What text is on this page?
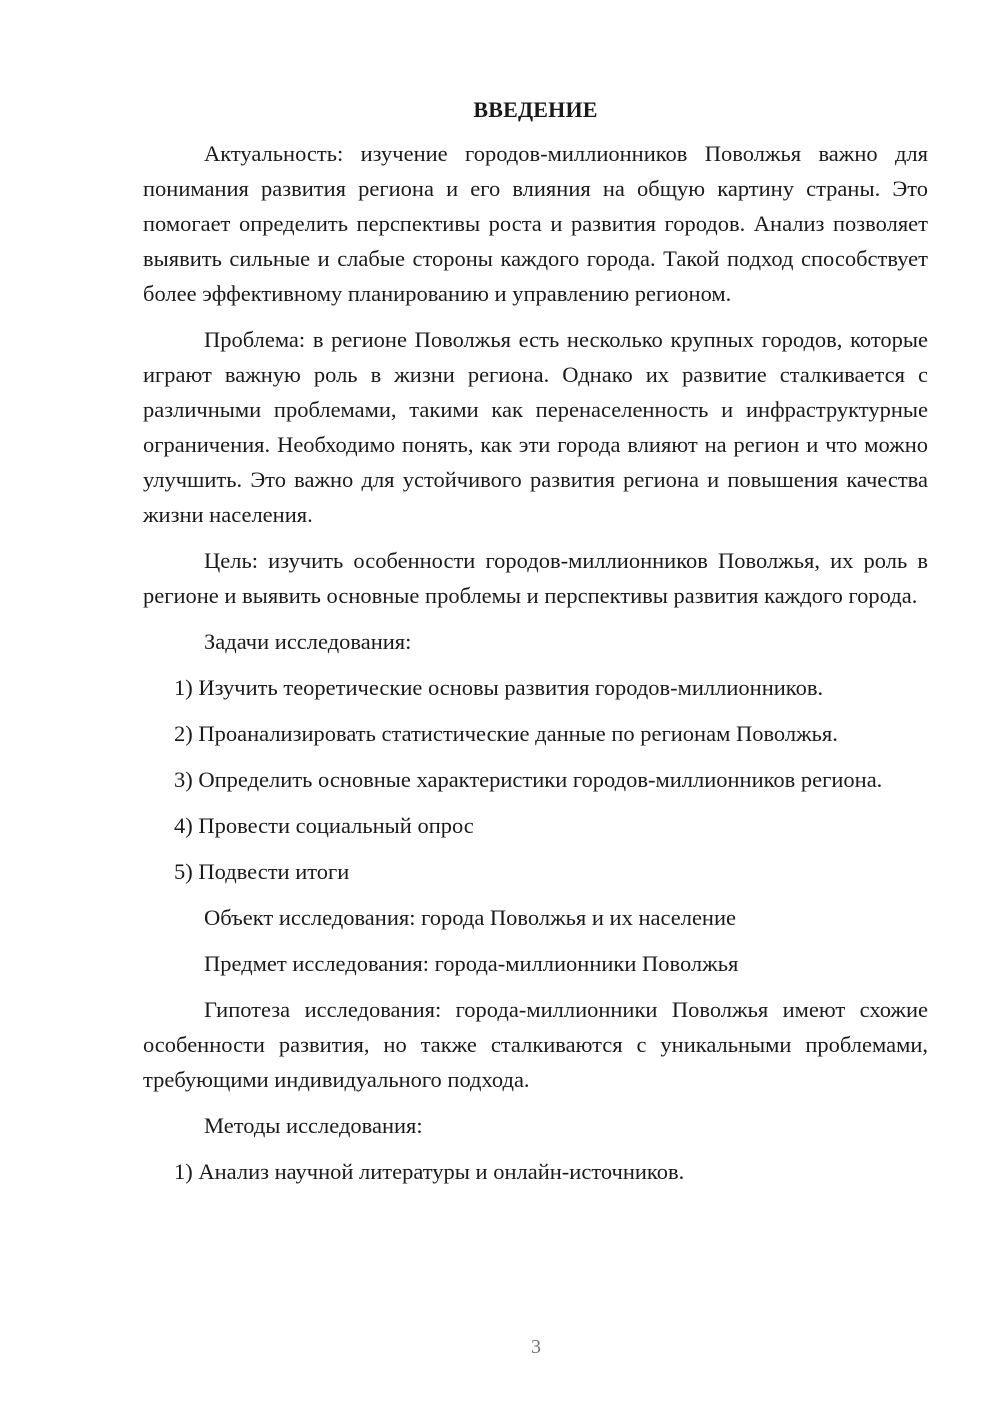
ВВЕДЕНИЕ

Актуальность: изучение городов-миллионников Поволжья важно для понимания развития региона и его влияния на общую картину страны. Это помогает определить перспективы роста и развития городов. Анализ позволяет выявить сильные и слабые стороны каждого города. Такой подход способствует более эффективному планированию и управлению регионом.

Проблема: в регионе Поволжья есть несколько крупных городов, которые играют важную роль в жизни региона. Однако их развитие сталкивается с различными проблемами, такими как перенаселенность и инфраструктурные ограничения. Необходимо понять, как эти города влияют на регион и что можно улучшить. Это важно для устойчивого развития региона и повышения качества жизни населения.

Цель: изучить особенности городов-миллионников Поволжья, их роль в регионе и выявить основные проблемы и перспективы развития каждого города.

Задачи исследования:

1) Изучить теоретические основы развития городов-миллионников.

2) Проанализировать статистические данные по регионам Поволжья.

3) Определить основные характеристики городов-миллионников региона.

4) Провести социальный опрос

5) Подвести итоги

Объект исследования: города Поволжья и их население

Предмет исследования: города-миллионники Поволжья

Гипотеза исследования: города-миллионники Поволжья имеют схожие особенности развития, но также сталкиваются с уникальными проблемами, требующими индивидуального подхода.

Методы исследования:

1) Анализ научной литературы и онлайн-источников.

3
